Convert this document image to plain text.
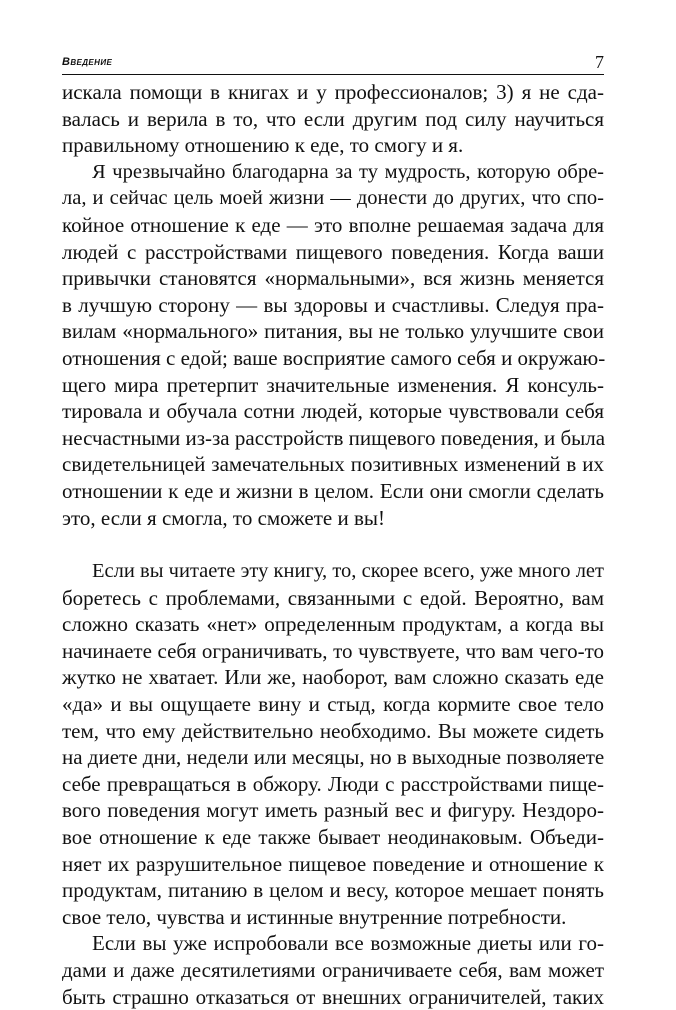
Введение	7
искала помощи в книгах и у профессионалов; 3) я не сда-
валась и верила в то, что если другим под силу научиться
правильному отношению к еде, то смогу и я.
Я чрезвычайно благодарна за ту мудрость, которую обре-
ла, и сейчас цель моей жизни — донести до других, что спо-
койное отношение к еде — это вполне решаемая задача для
людей с расстройствами пищевого поведения. Когда ваши
привычки становятся «нормальными», вся жизнь меняется
в лучшую сторону — вы здоровы и счастливы. Следуя пра-
вилам «нормального» питания, вы не только улучшите свои
отношения с едой; ваше восприятие самого себя и окружаю-
щего мира претерпит значительные изменения. Я консуль-
тировала и обучала сотни людей, которые чувствовали себя
несчастными из-за расстройств пищевого поведения, и была
свидетельницей замечательных позитивных изменений в их
отношении к еде и жизни в целом. Если они смогли сделать
это, если я смогла, то сможете и вы!
Если вы читаете эту книгу, то, скорее всего, уже много лет
боретесь с проблемами, связанными с едой. Вероятно, вам
сложно сказать «нет» определенным продуктам, а когда вы
начинаете себя ограничивать, то чувствуете, что вам чего-то
жутко не хватает. Или же, наоборот, вам сложно сказать еде
«да» и вы ощущаете вину и стыд, когда кормите свое тело
тем, что ему действительно необходимо. Вы можете сидеть
на диете дни, недели или месяцы, но в выходные позволяете
себе превращаться в обжору. Люди с расстройствами пище-
вого поведения могут иметь разный вес и фигуру. Нездоро-
вое отношение к еде также бывает неодинаковым. Объеди-
няет их разрушительное пищевое поведение и отношение к
продуктам, питанию в целом и весу, которое мешает понять
свое тело, чувства и истинные внутренние потребности.
Если вы уже испробовали все возможные диеты или го-
дами и даже десятилетиями ограничиваете себя, вам может
быть страшно отказаться от внешних ограничителей, таких
